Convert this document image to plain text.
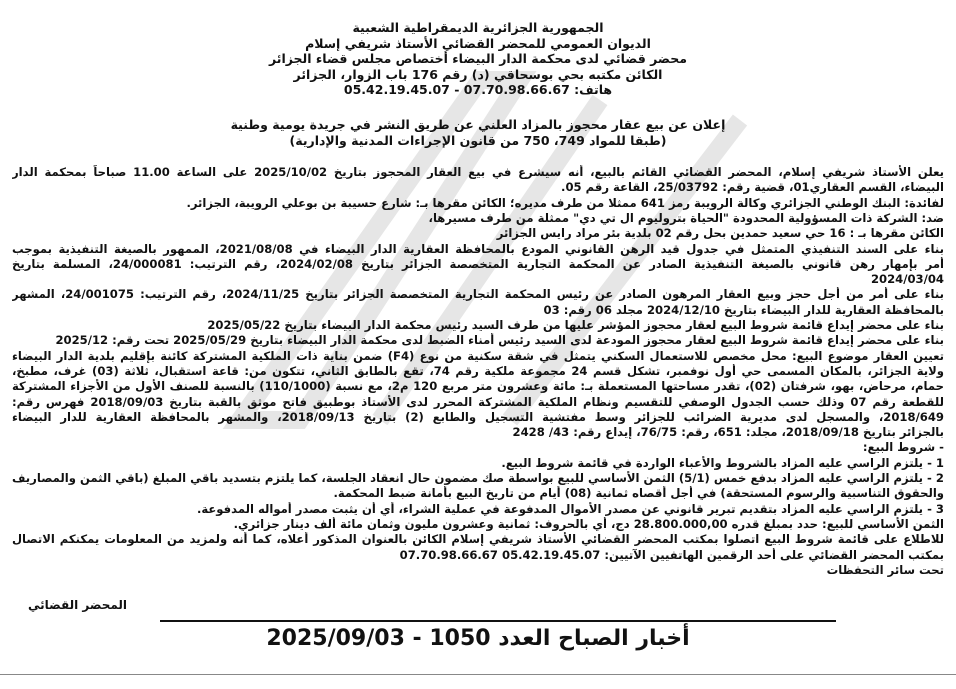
الجمهورية الجزائرية الديمقراطية الشعبية
الديوان العمومي للمحضر القضائي الأستاذ شريفي إسلام
محضر قضائي لدى محكمة الدار البيضاء أختصاص مجلس قضاء الجزائر
الكائن مكتبه بحي بوسحاقي (د) رقم 176 باب الزوار، الجزائر
هاتف: 07.70.98.66.67 - 05.42.19.45.07
إعلان عن بيع عقار محجوز بالمزاد العلني عن طريق النشر في جريدة يومية وطنية
(طبقا للمواد 749، 750 من قانون الإجراءات المدنية والإدارية)
يعلن الأستاذ شريفي إسلام، المحضر القضائي القائم بالبيع، أنه سيشرع في بيع العقار المحجوز بتاريخ 2025/10/02 على الساعة 11.00 صباحاً بمحكمة الدار
البيضاء، القسم العقاري01، قضية رقم: 25/03792، القاعة رقم 05.
لفائدة: البنك الوطني الجزائري وكالة الرويبة رمز 641 ممثلا من طرف مديره؛ الكائن مقرها بـ: شارع حسيبة بن بوعلي الرويبة، الجزائر.
ضد: الشركة ذات المسؤولية المحدودة "الحياة بتروليوم ال تي دي" ممثلة من طرف مسيرها،
الكائن مقرها بـ : 16 حي سعيد حمدين بحل رقم 02 بلدية بئر مراد رايس الجزائر
بناء على السند التنفيذي المتمثل في جدول قيد الرهن القانوني المودع بالمحافظة العقارية الدار البيضاء في 2021/08/08، الممهور بالصيغة التنفيذية بموجب
أمر بإمهار رهن قانوني بالصيغة التنفيذية الصادر عن المحكمة التجارية المتخصصة الجزائر بتاريخ 2024/02/08، رقم الترتيب: 24/000081، المسلمة بتاريخ
2024/03/04
بناء على أمر من أجل حجز وبيع العقار المرهون الصادر عن رئيس المحكمة التجارية المتخصصة الجزائر بتاريخ 2024/11/25، رقم الترتيب: 24/001075، المشهر
بالمحافظة العقارية للدار البيضاء بتاريخ 2024/12/10 مجلد 06 رقم: 03
بناء على محضر إيداع قائمة شروط البيع لعقار محجوز المؤشر عليها من طرف السيد رئيس محكمة الدار البيضاء بتاريخ 2025/05/22
بناء على محضر إيداع قائمة شروط البيع لعقار محجوز المودعة لدى السيد رئيس أمناء الضبط لدى محكمة الدار البيضاء بتاريخ 2025/05/29 تحت رقم: 2025/12
تعيين العقار موضوع البيع: محل مخصص للاستعمال السكني يتمثل في شقة سكنية من نوع (F4) ضمن بناية ذات الملكية المشتركة كائنة بإقليم بلدية الدار البيضاء
ولاية الجزائر، بالمكان المسمى حي أول نوفمبر، تشكل قسم 24 مجموعة ملكية رقم 74، تقع بالطابق الثاني، تتكون من: قاعة استقبال، ثلاثة (03) غرف، مطبخ،
حمام، مرحاض، بهو، شرفتان (02)، تقدر مساحتها المستعملة بـ: مائة وعشرون متر مربع 120 م2، مع نسبة (110/1000) بالنسبة للصنف الأول من الأجزاء المشتركة
للقطعة رقم 07 وذلك حسب الجدول الوصفي للتقسيم ونظام الملكية المشتركة المحرر لدى الأستاذ بوطبيق فاتح موثق بالقبة بتاريخ 2018/09/03 فهرس رقم:
2018/649، والمسجل لدى مديرية الضرائب للجزائر وسط مفتشية التسجيل والطابع (2) بتاريخ 2018/09/13، والمشهر بالمحافظة العقارية للدار البيضاء
بالجزائر بتاريخ 2018/09/18، مجلد: 651، رقم: 76/75، إيداع رقم: 43/ 2428
- شروط البيع:
1 - يلتزم الراسي عليه المزاد بالشروط والأعباء الواردة في قائمة شروط البيع.
2 - يلتزم الراسي عليه المزاد بدفع خمس (5/1) الثمن الأساسي للبيع بواسطة صك مضمون حال انعقاد الجلسة، كما يلتزم بتسديد باقي المبلغ (باقي الثمن والمصاريف
والحقوق التناسبية والرسوم المستحقة) في أجل أقصاه ثمانية (08) أيام من تاريخ البيع بأمانة ضبط المحكمة.
3 - يلتزم الراسي عليه المزاد بتقديم تبرير قانوني عن مصدر الأموال المدفوعة في عملية الشراء، أي أن يثبت مصدر أمواله المدفوعة.
الثمن الأساسي للبيع: حدد بمبلغ قدره 28.800.000,00 دج، أي بالحروف: ثمانية وعشرون مليون وثمان مائة ألف دينار جزائري.
للاطلاع على قائمة شروط البيع اتصلوا بمكتب المحضر القضائي الأستاذ شريفي إسلام الكائن بالعنوان المذكور أعلاه، كما أنه ولمزيد من المعلومات يمكنكم الاتصال
بمكتب المحضر القضائي على أحد الرقمين الهاتفيين الآتيين: 05.42.19.45.07 07.70.98.66.67
تحت سائر التحفظات
المحضر القضائي
أخبار الصباح العدد 1050 - 2025/09/03
